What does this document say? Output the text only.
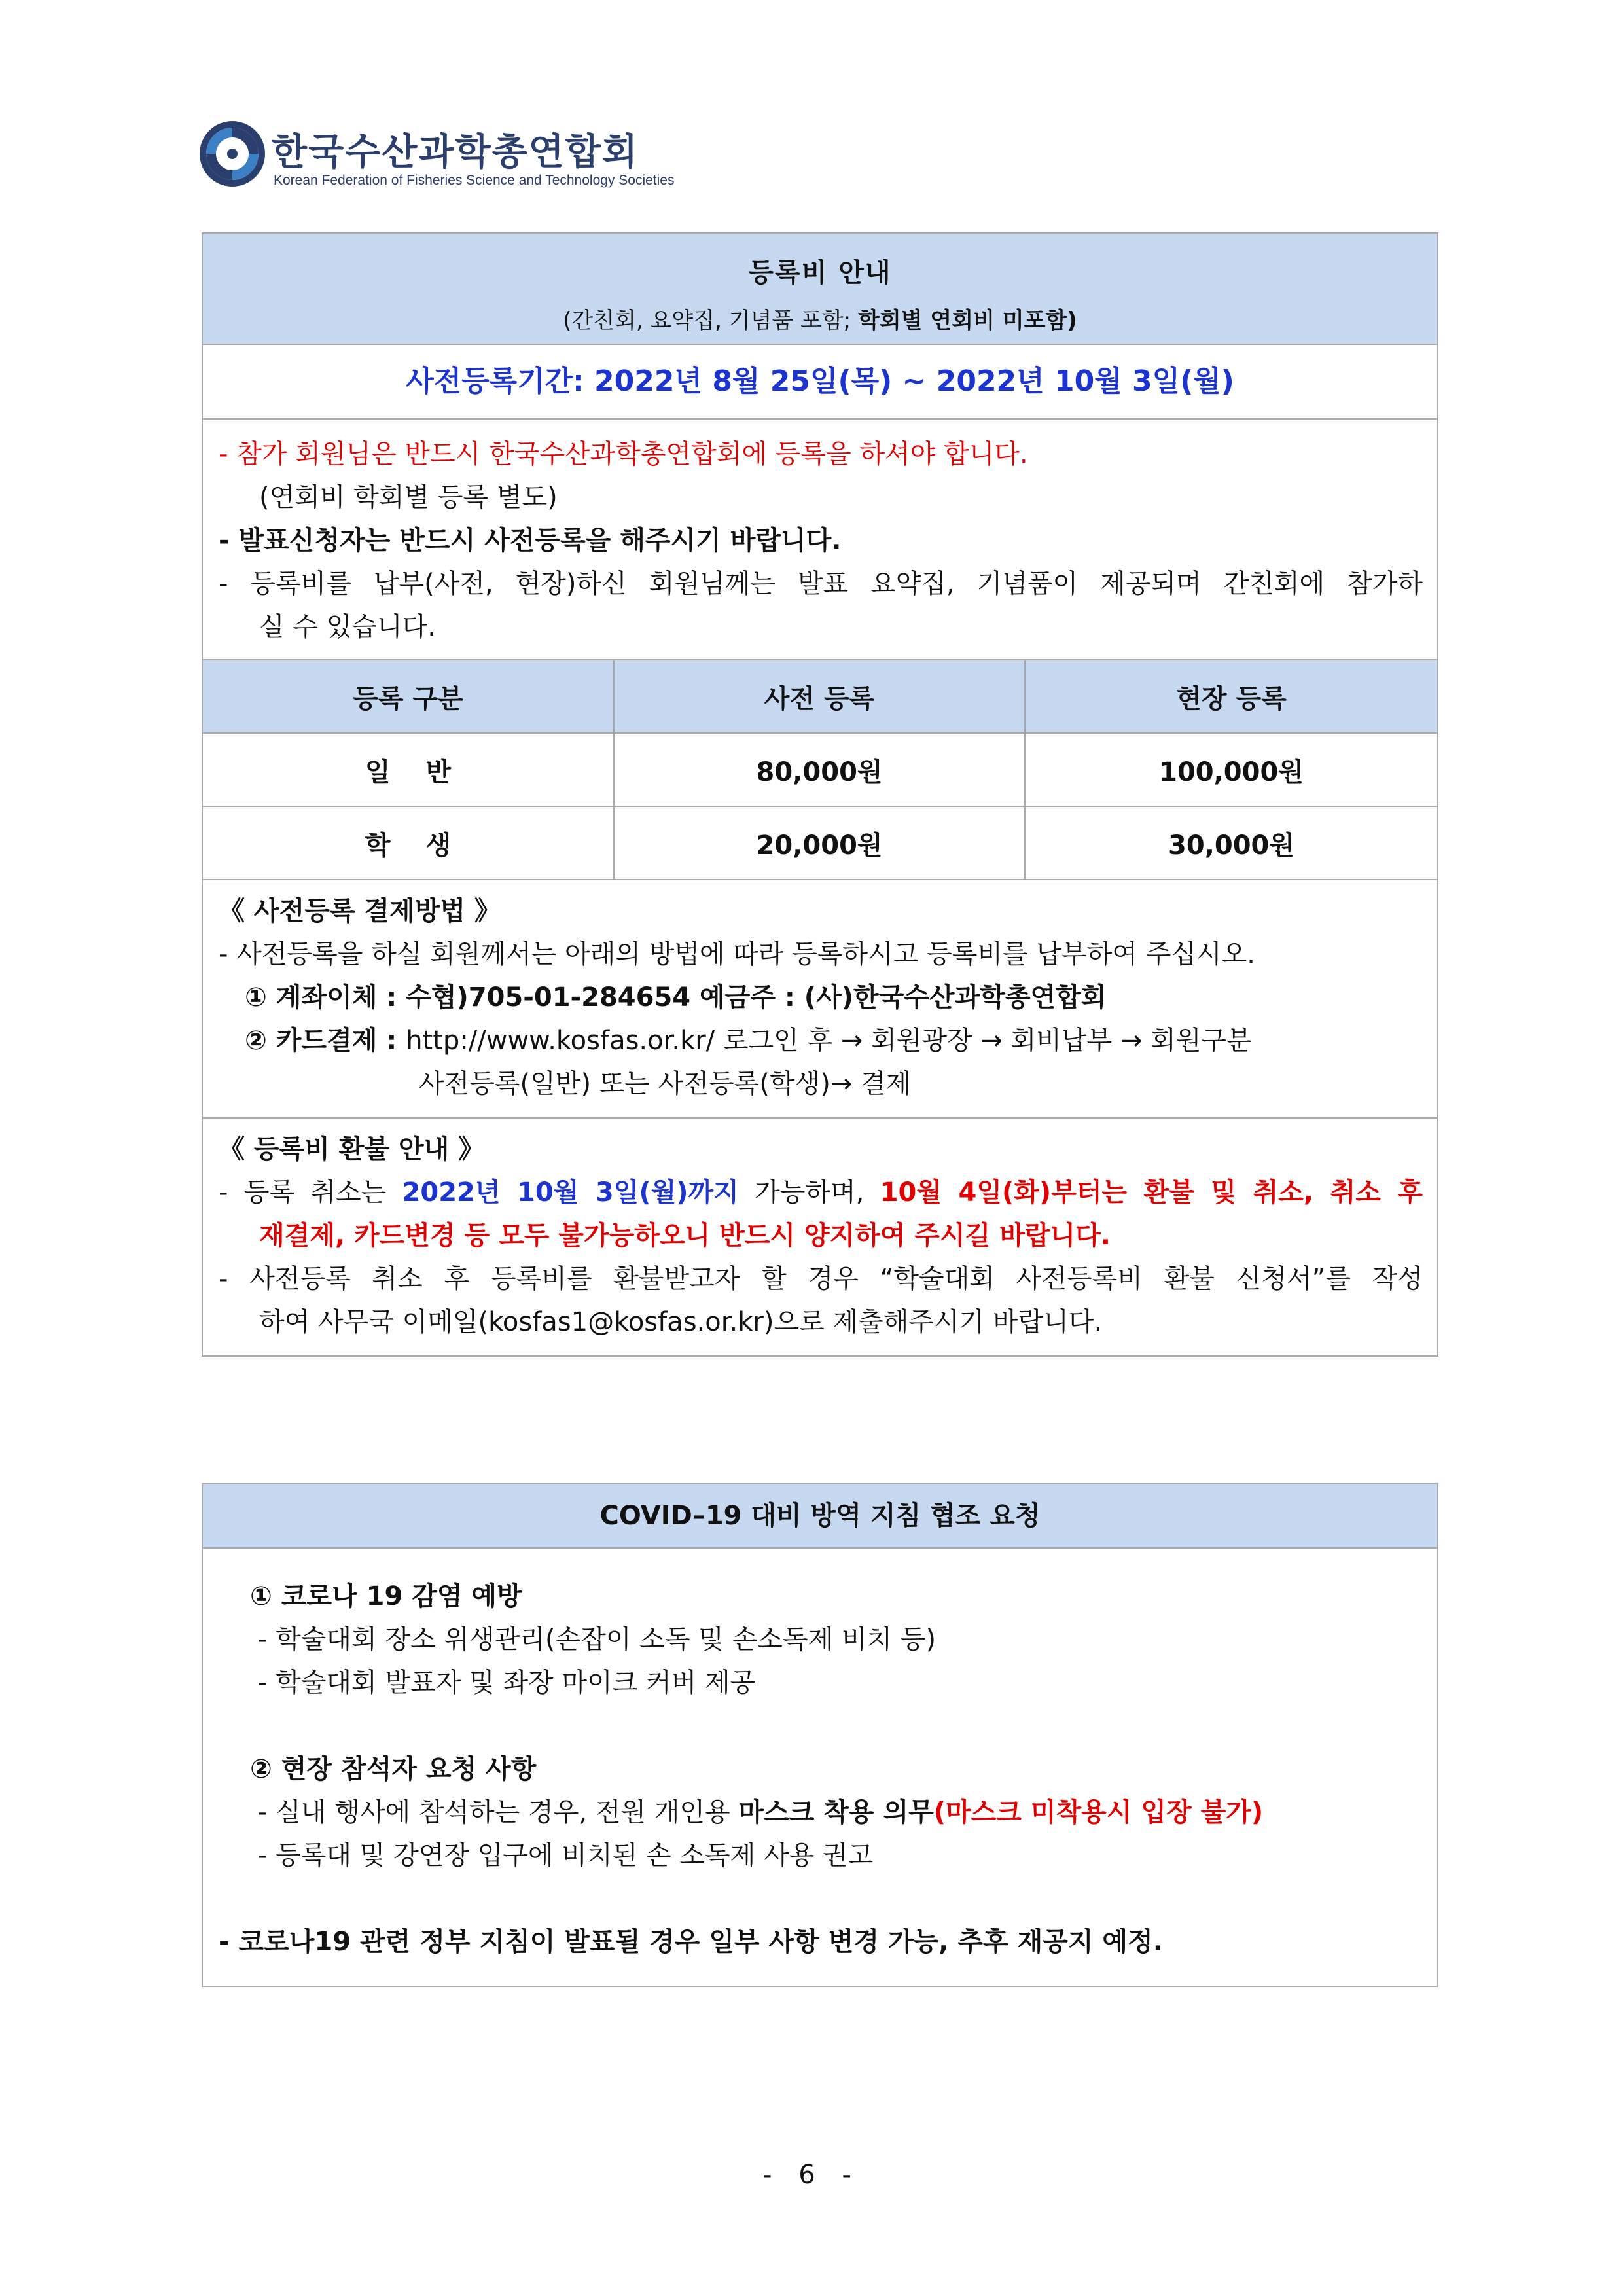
한국수산과학총연합회
Korean Federation of Fisheries Science and Technology Societies
등록비 안내
(간친회, 요약집, 기념품 포함; 학회별 연회비 미포함)
사전등록기간: 2022년 8월 25일(목) ~ 2022년 10월 3일(월)
- 참가 회원님은 반드시 한국수산과학총연합회에 등록을 하셔야 합니다.
(연회비 학회별 등록 별도)
- 발표신청자는 반드시 사전등록을 해주시기 바랍니다.
- 등록비를 납부(사전, 현장)하신 회원님께는 발표 요약집, 기념품이 제공되며 간친회에 참가하
실 수 있습니다.
등록 구분	사전 등록	현장 등록
일반	80,000원	100,000원
학생	20,000원	30,000원
《 사전등록 결제방법 》
- 사전등록을 하실 회원께서는 아래의 방법에 따라 등록하시고 등록비를 납부하여 주십시오.
① 계좌이체 : 수협)705-01-284654 예금주 : (사)한국수산과학총연합회
② 카드결제 : http://www.kosfas.or.kr/ 로그인 후 → 회원광장 → 회비납부 → 회원구분
사전등록(일반) 또는 사전등록(학생)→ 결제
《 등록비 환불 안내 》
- 등록 취소는 2022년 10월 3일(월)까지 가능하며, 10월 4일(화)부터는 환불 및 취소, 취소 후
재결제, 카드변경 등 모두 불가능하오니 반드시 양지하여 주시길 바랍니다.
- 사전등록 취소 후 등록비를 환불받고자 할 경우 “학술대회 사전등록비 환불 신청서”를 작성
하여 사무국 이메일(kosfas1@kosfas.or.kr)으로 제출해주시기 바랍니다.
COVID–19 대비 방역 지침 협조 요청
① 코로나 19 감염 예방
- 학술대회 장소 위생관리(손잡이 소독 및 손소독제 비치 등)
- 학술대회 발표자 및 좌장 마이크 커버 제공
② 현장 참석자 요청 사항
- 실내 행사에 참석하는 경우, 전원 개인용 마스크 착용 의무(마스크 미착용시 입장 불가)
- 등록대 및 강연장 입구에 비치된 손 소독제 사용 권고
- 코로나19 관련 정부 지침이 발표될 경우 일부 사항 변경 가능, 추후 재공지 예정.
- 6 -
